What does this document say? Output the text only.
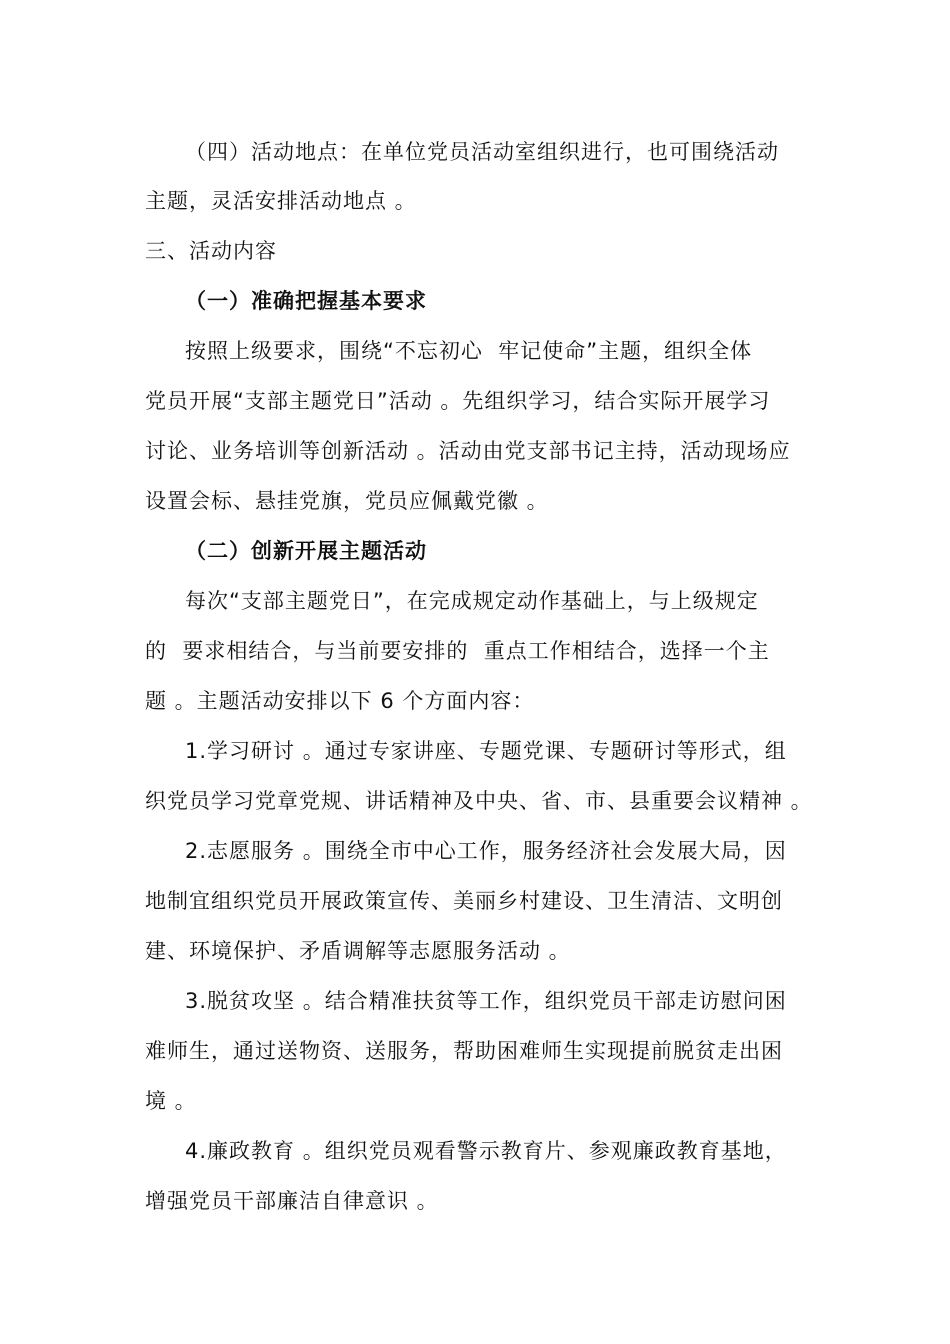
（四）活动地点：在单位党员活动室组织进行，也可围绕活动
主题，灵活安排活动地点 。
三、活动内容
（一）准确把握基本要求
按照上级要求，围绕“不忘初心  牢记使命”主题，组织全体
党员开展“支部主题党日”活动 。先组织学习，结合实际开展学习
讨论、业务培训等创新活动 。活动由党支部书记主持，活动现场应
设置会标、悬挂党旗，党员应佩戴党徽 。
（二）创新开展主题活动
每次“支部主题党日”，在完成规定动作基础上，与上级规定
的  要求相结合，与当前要安排的  重点工作相结合，选择一个主
题 。主题活动安排以下 6 个方面内容：
1.学习研讨 。通过专家讲座、专题党课、专题研讨等形式，组
织党员学习党章党规、讲话精神及中央、省、市、县重要会议精神 。
2.志愿服务 。围绕全市中心工作，服务经济社会发展大局，因
地制宜组织党员开展政策宣传、美丽乡村建设、卫生清洁、文明创
建、环境保护、矛盾调解等志愿服务活动 。
3.脱贫攻坚 。结合精准扶贫等工作，组织党员干部走访慰问困
难师生，通过送物资、送服务，帮助困难师生实现提前脱贫走出困
境 。
4.廉政教育 。组织党员观看警示教育片、参观廉政教育基地，
增强党员干部廉洁自律意识 。
